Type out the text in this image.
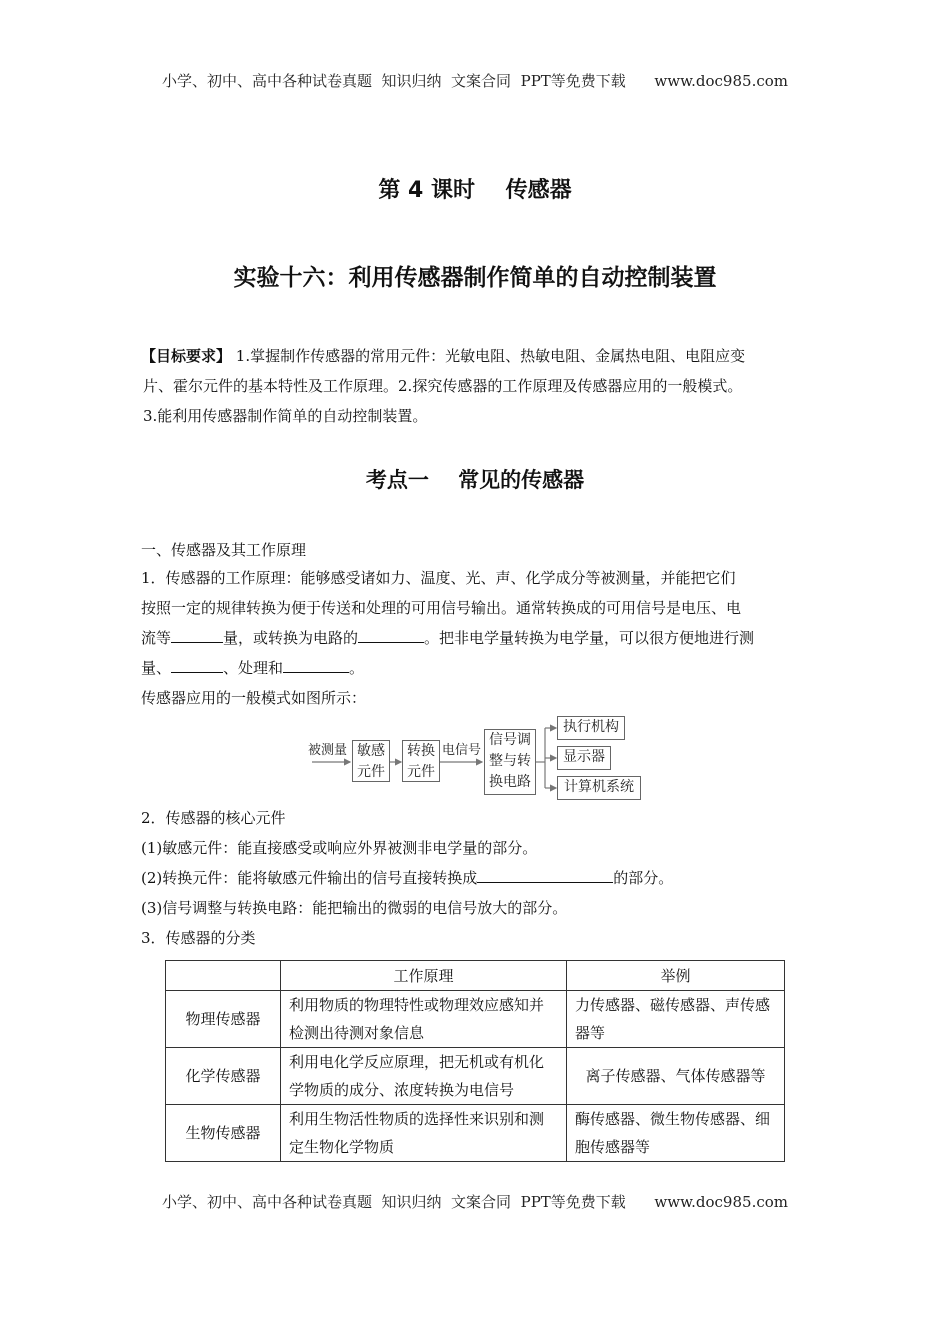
小学、初中、高中各种试卷真题  知识归纳  文案合同  PPT等免费下载      www.doc985.com
第 4 课时    传感器
实验十六：利用传感器制作简单的自动控制装置
【目标要求】 1.掌握制作传感器的常用元件：光敏电阻、热敏电阻、金属热电阻、电阻应变
片、霍尔元件的基本特性及工作原理。2.探究传感器的工作原理及传感器应用的一般模式。
3.能利用传感器制作简单的自动控制装置。
考点一    常见的传感器
一、传感器及其工作原理
1．传感器的工作原理：能够感受诸如力、温度、光、声、化学成分等被测量，并能把它们
按照一定的规律转换为便于传送和处理的可用信号输出。通常转换成的可用信号是电压、电
流等	量，或转换为电路的	。把非电学量转换为电学量，可以很方便地进行测
量、	、处理和	。
传感器应用的一般模式如图所示：
被测量 敏感
元件
转换
元件
电信号
信号调
整与转
换电路
执行机构
显示器
计算机系统
2．传感器的核心元件
(1)敏感元件：能直接感受或响应外界被测非电学量的部分。
(2)转换元件：能将敏感元件输出的信号直接转换成	的部分。
(3)信号调整与转换电路：能把输出的微弱的电信号放大的部分。
3．传感器的分类
	工作原理	举例
物理传感器	利用物质的物理特性或物理效应感知并检测出待测对象信息	力传感器、磁传感器、声传感器等
化学传感器	利用电化学反应原理，把无机或有机化学物质的成分、浓度转换为电信号	离子传感器、气体传感器等
生物传感器	利用生物活性物质的选择性来识别和测定生物化学物质	酶传感器、微生物传感器、细胞传感器等
小学、初中、高中各种试卷真题  知识归纳  文案合同  PPT等免费下载      www.doc985.com
